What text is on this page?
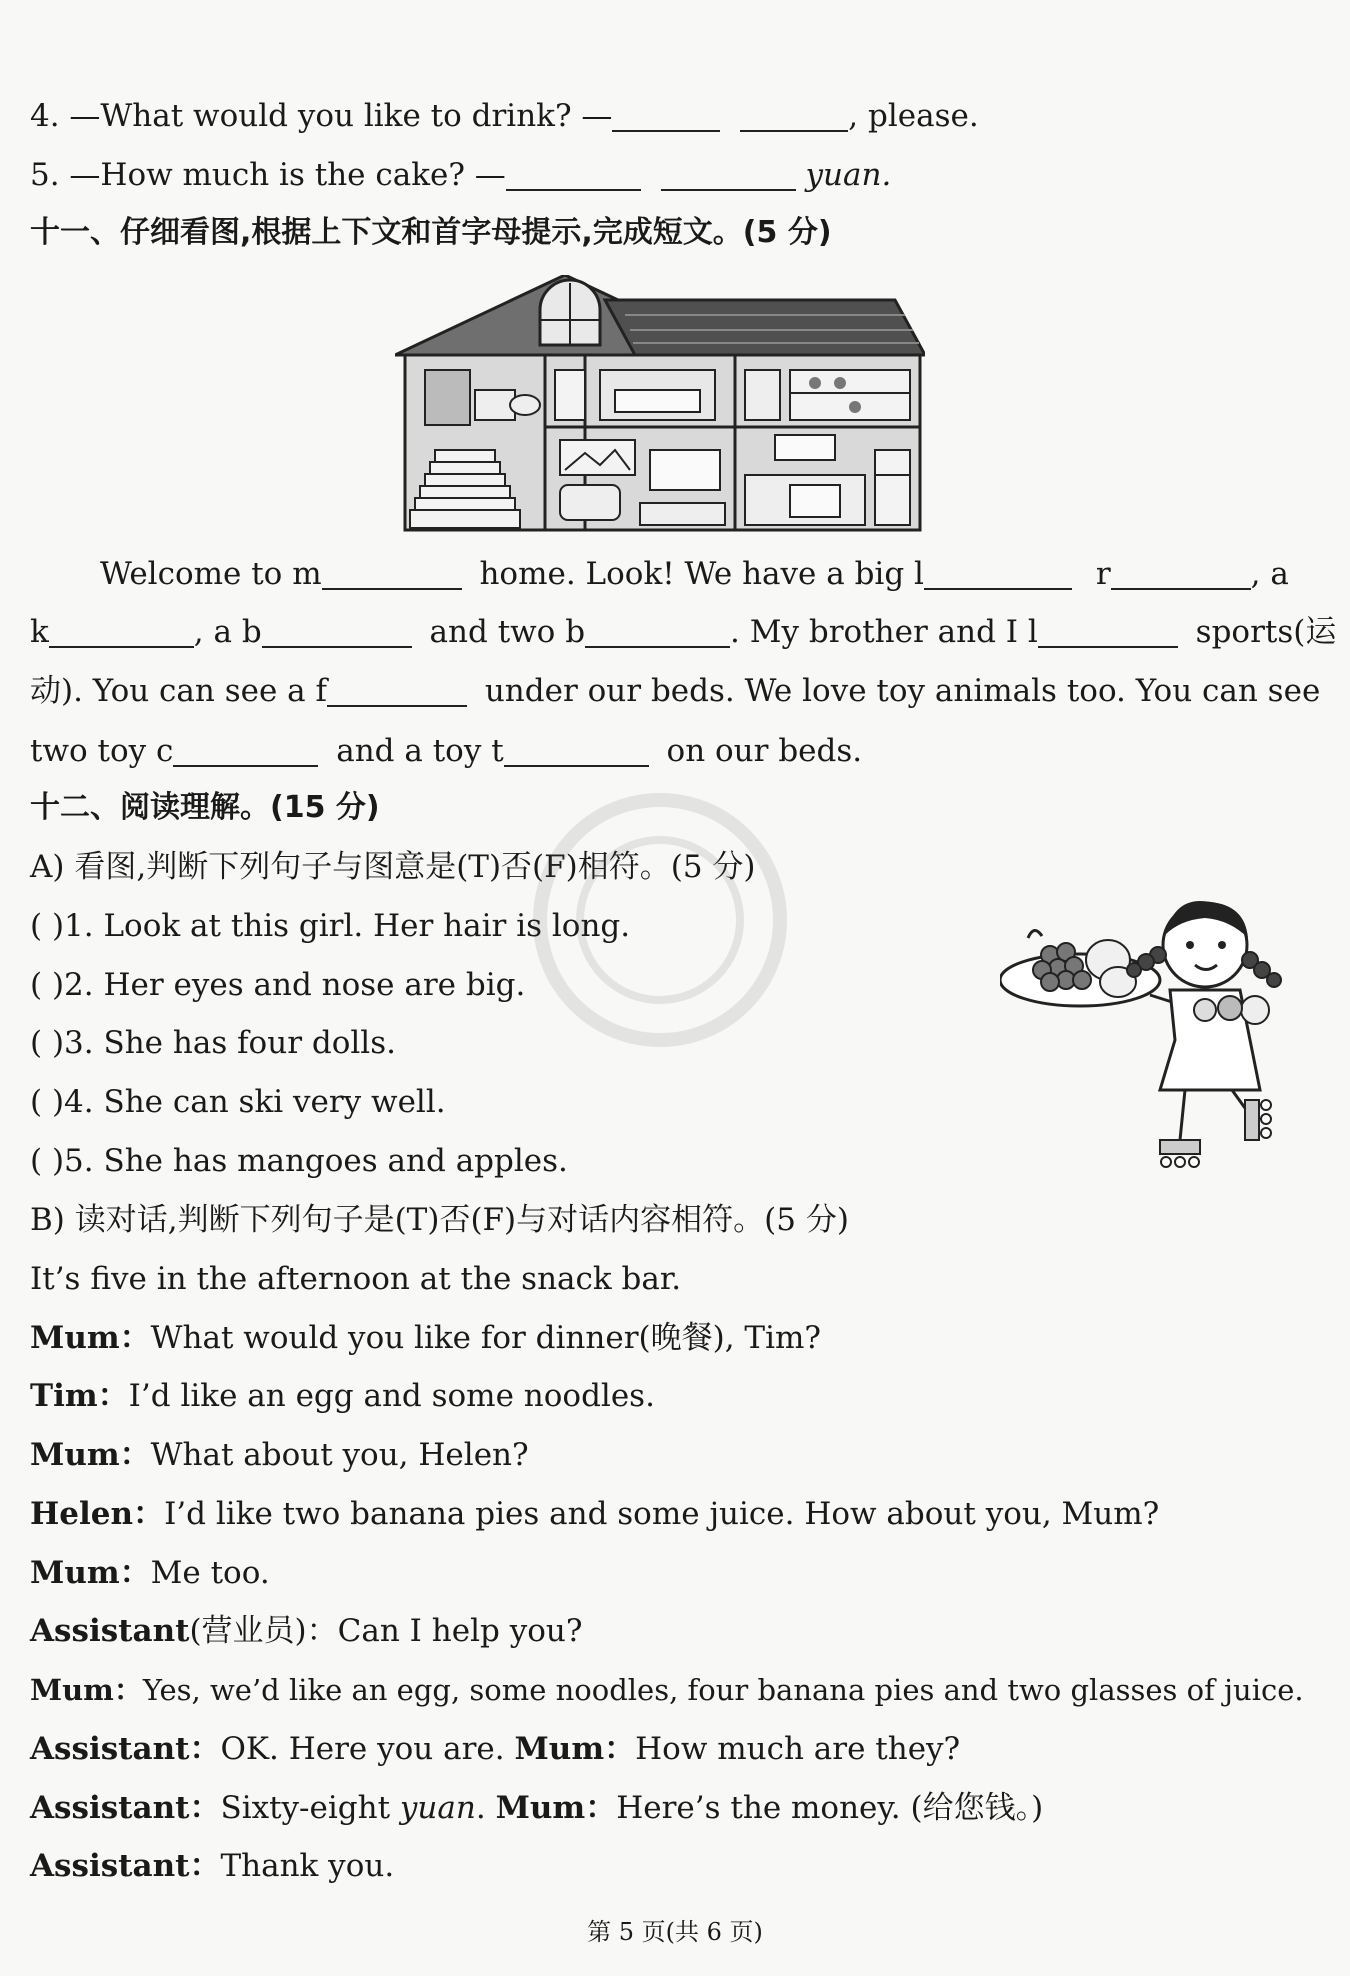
4. —What would you like to drink? —	, please.
5. —How much is the cake? —	yuan.
十一、仔细看图,根据上下文和首字母提示,完成短文。(5 分)
Welcome to m	home. Look! We have a big l	r	, a
k	, a b	and two b	. My brother and I l	sports(运
动). You can see a f	under our beds. We love toy animals too. You can see
two toy c	and a toy t	on our beds.
十二、阅读理解。(15 分)
A) 看图,判断下列句子与图意是(T)否(F)相符。(5 分)
( )1. Look at this girl. Her hair is long.
( )2. Her eyes and nose are big.
( )3. She has four dolls.
( )4. She can ski very well.
( )5. She has mangoes and apples.
B) 读对话,判断下列句子是(T)否(F)与对话内容相符。(5 分)
It’s five in the afternoon at the snack bar.
Mum：What would you like for dinner(晚餐), Tim?
Tim：I’d like an egg and some noodles.
Mum：What about you, Helen?
Helen：I’d like two banana pies and some juice. How about you, Mum?
Mum：Me too.
Assistant(营业员)：Can I help you?
Mum：Yes, we’d like an egg, some noodles, four banana pies and two glasses of juice.
Assistant：OK. Here you are. Mum：How much are they?
Assistant：Sixty-eight yuan. Mum：Here’s the money. (给您钱。)
Assistant：Thank you.
第 5 页(共 6 页)
